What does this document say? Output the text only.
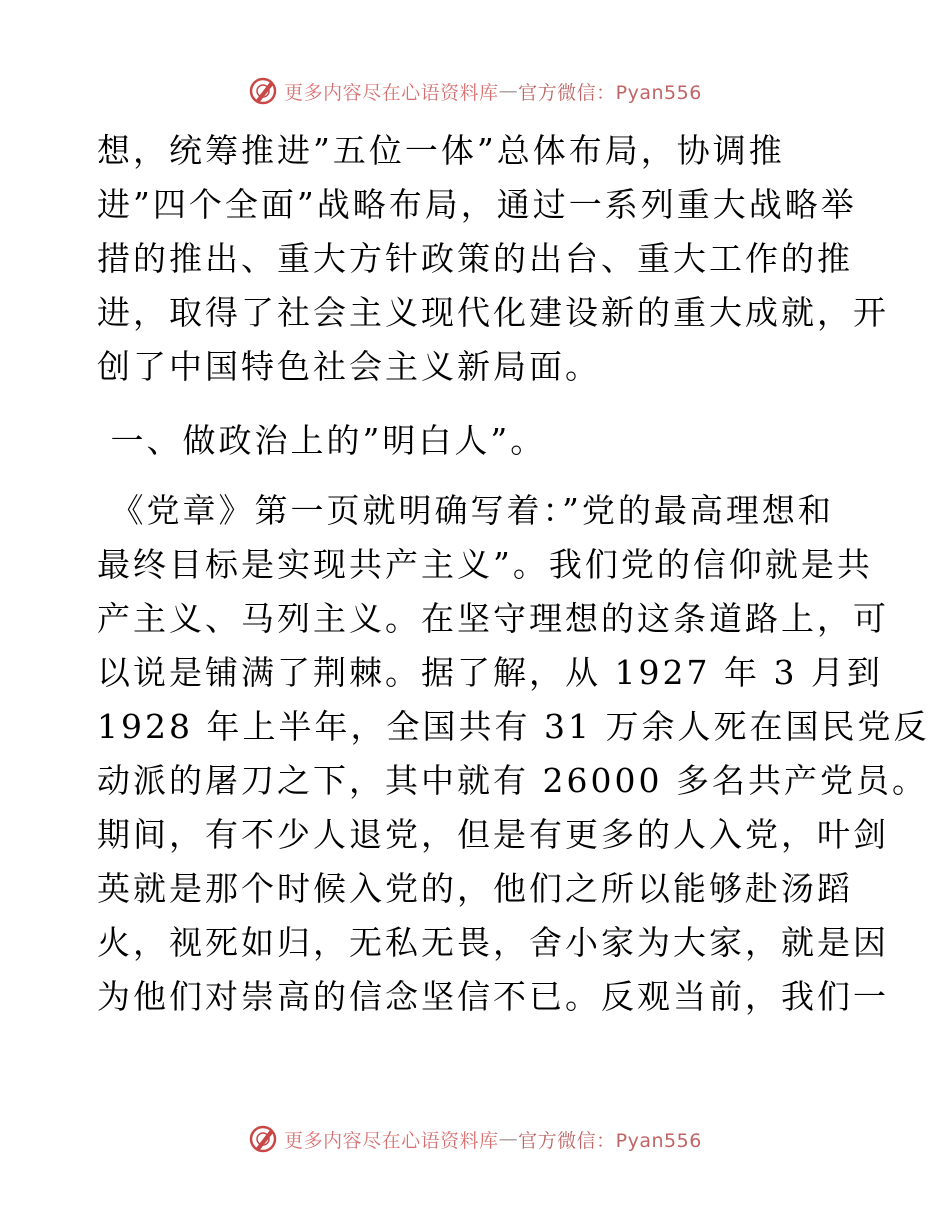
更多内容尽在心语资料库 — 官方微信：Pyan556
想，统筹推进”五位一体”总体布局，协调推
进”四个全面”战略布局，通过一系列重大战略举
措的推出、重大方针政策的出台、重大工作的推
进，取得了社会主义现代化建设新的重大成就，开
创了中国特色社会主义新局面。
一、做政治上的”明白人”。
《党章》第一页就明确写着：”党的最高理想和
最终目标是实现共产主义”。我们党的信仰就是共
产主义、马列主义。在坚守理想的这条道路上，可
以说是铺满了荆棘。据了解，从 1927 年 3 月到
1928 年上半年，全国共有 31 万余人死在国民党反
动派的屠刀之下，其中就有 26000 多名共产党员。
期间，有不少人退党，但是有更多的人入党，叶剑
英就是那个时候入党的，他们之所以能够赴汤蹈
火，视死如归，无私无畏，舍小家为大家，就是因
为他们对崇高的信念坚信不已。反观当前，我们一
更多内容尽在心语资料库 — 官方微信：Pyan556
